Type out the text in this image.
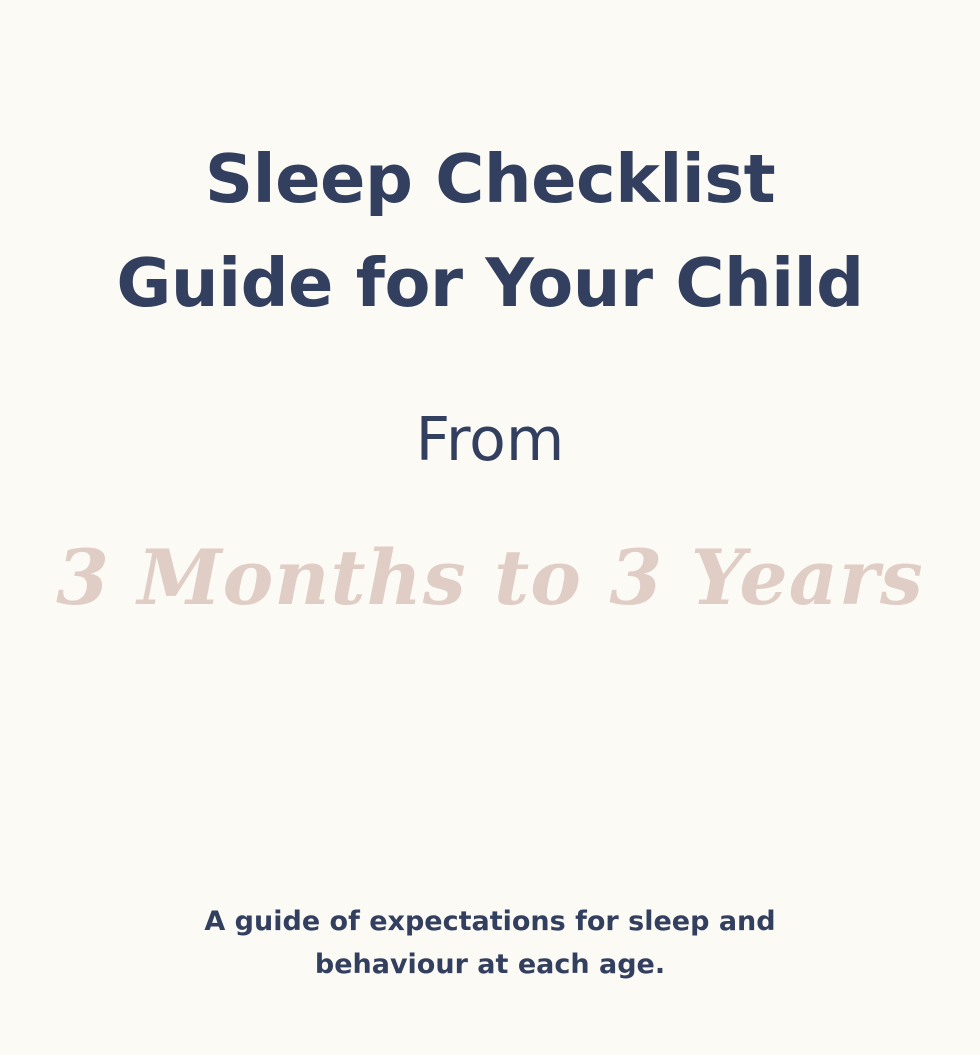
Sleep Checklist
Guide for Your Child
From
3 Months to 3 Years
A guide of expectations for sleep and
behaviour at each age.
